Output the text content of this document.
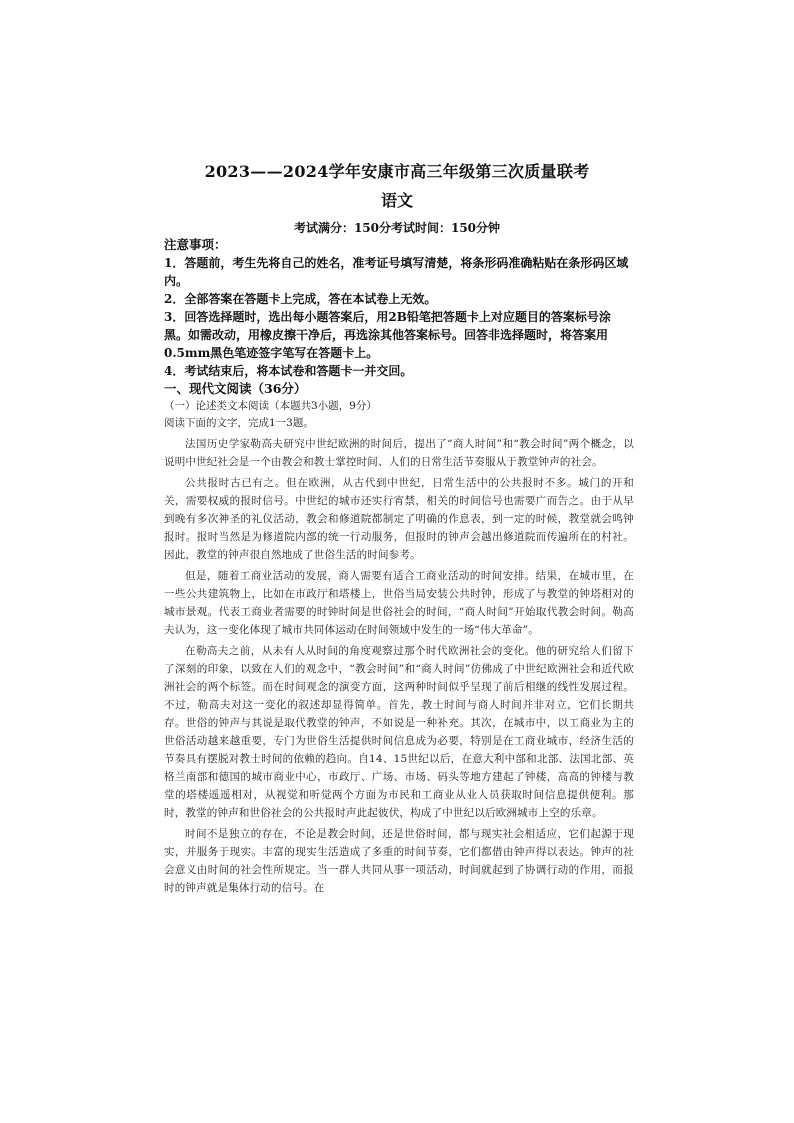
2023——2024学年安康市高三年级第三次质量联考
语文
考试满分：150分考试时间：150分钟
注意事项：

1．答题前，考生先将自己的姓名，准考证号填写清楚，将条形码准确粘贴在条形码区域内。

2．全部答案在答题卡上完成，答在本试卷上无效。

3．回答选择题时，选出每小题答案后，用2B铅笔把答题卡上对应题目的答案标号涂黑。如需改动，用橡皮擦干净后，再选涂其他答案标号。回答非选择题时，将答案用0.5mm黑色笔迹签字笔写在答题卡上。

4．考试结束后，将本试卷和答题卡一并交回。

一、现代文阅读（36分）
（一）论述类文本阅读（本题共3小题，9分）
阅读下面的文字，完成1一3题。

法国历史学家勒高夫研究中世纪欧洲的时间后，提出了“商人时间”和“教会时间”两个概念，以说明中世纪社会是一个由教会和教士掌控时间、人们的日常生活节奏服从于教堂钟声的社会。

公共报时古已有之。但在欧洲，从古代到中世纪，日常生活中的公共报时不多。城门的开和关，需要权威的报时信号。中世纪的城市还实行宵禁，相关的时间信号也需要广而告之。由于从早到晚有多次神圣的礼仪活动，教会和修道院都制定了明确的作息表，到一定的时候，教堂就会鸣钟报时。报时当然是为修道院内部的统一行动服务，但报时的钟声会越出修道院而传遍所在的村社。因此，教堂的钟声很自然地成了世俗生活的时间参考。

但是，随着工商业活动的发展，商人需要有适合工商业活动的时间安排。结果，在城市里，在一些公共建筑物上，比如在市政厅和塔楼上，世俗当局安装公共时钟，形成了与教堂的钟塔相对的城市景观。代表工商业者需要的时钟时间是世俗社会的时间，“商人时间”开始取代教会时间。勒高夫认为，这一变化体现了城市共同体运动在时间领域中发生的一场“伟大革命”。

在勒高夫之前，从未有人从时间的角度观察过那个时代欧洲社会的变化。他的研究给人们留下了深刻的印象，以致在人们的观念中，“教会时间”和“商人时间”仿佛成了中世纪欧洲社会和近代欧洲社会的两个标签。而在时间观念的演变方面，这两种时间似乎呈现了前后相继的线性发展过程。不过，勒高夫对这一变化的叙述却显得简单。首先，教士时间与商人时间并非对立，它们长期共存。世俗的钟声与其说是取代教堂的钟声，不如说是一种补充。其次，在城市中，以工商业为主的世俗活动越来越重要，专门为世俗生活提供时间信息成为必要，特别是在工商业城市，经济生活的节奏具有摆脱对教士时间的依赖的趋向。自14、15世纪以后，在意大利中部和北部、法国北部、英格兰南部和德国的城市商业中心，市政厅、广场、市场、码头等地方建起了钟楼，高高的钟楼与教堂的塔楼遥遥相对，从视觉和听觉两个方面为市民和工商业从业人员获取时间信息提供便利。那时，教堂的钟声和世俗社会的公共报时声此起彼伏，构成了中世纪以后欧洲城市上空的乐章。

时间不是独立的存在，不论是教会时间，还是世俗时间，都与现实社会相适应，它们起源于现实，并服务于现实。丰富的现实生活造成了多重的时间节奏，它们都借由钟声得以表达。钟声的社会意义由时间的社会性所规定。当一群人共同从事一项活动，时间就起到了协调行动的作用，而报时的钟声就是集体行动的信号。在
